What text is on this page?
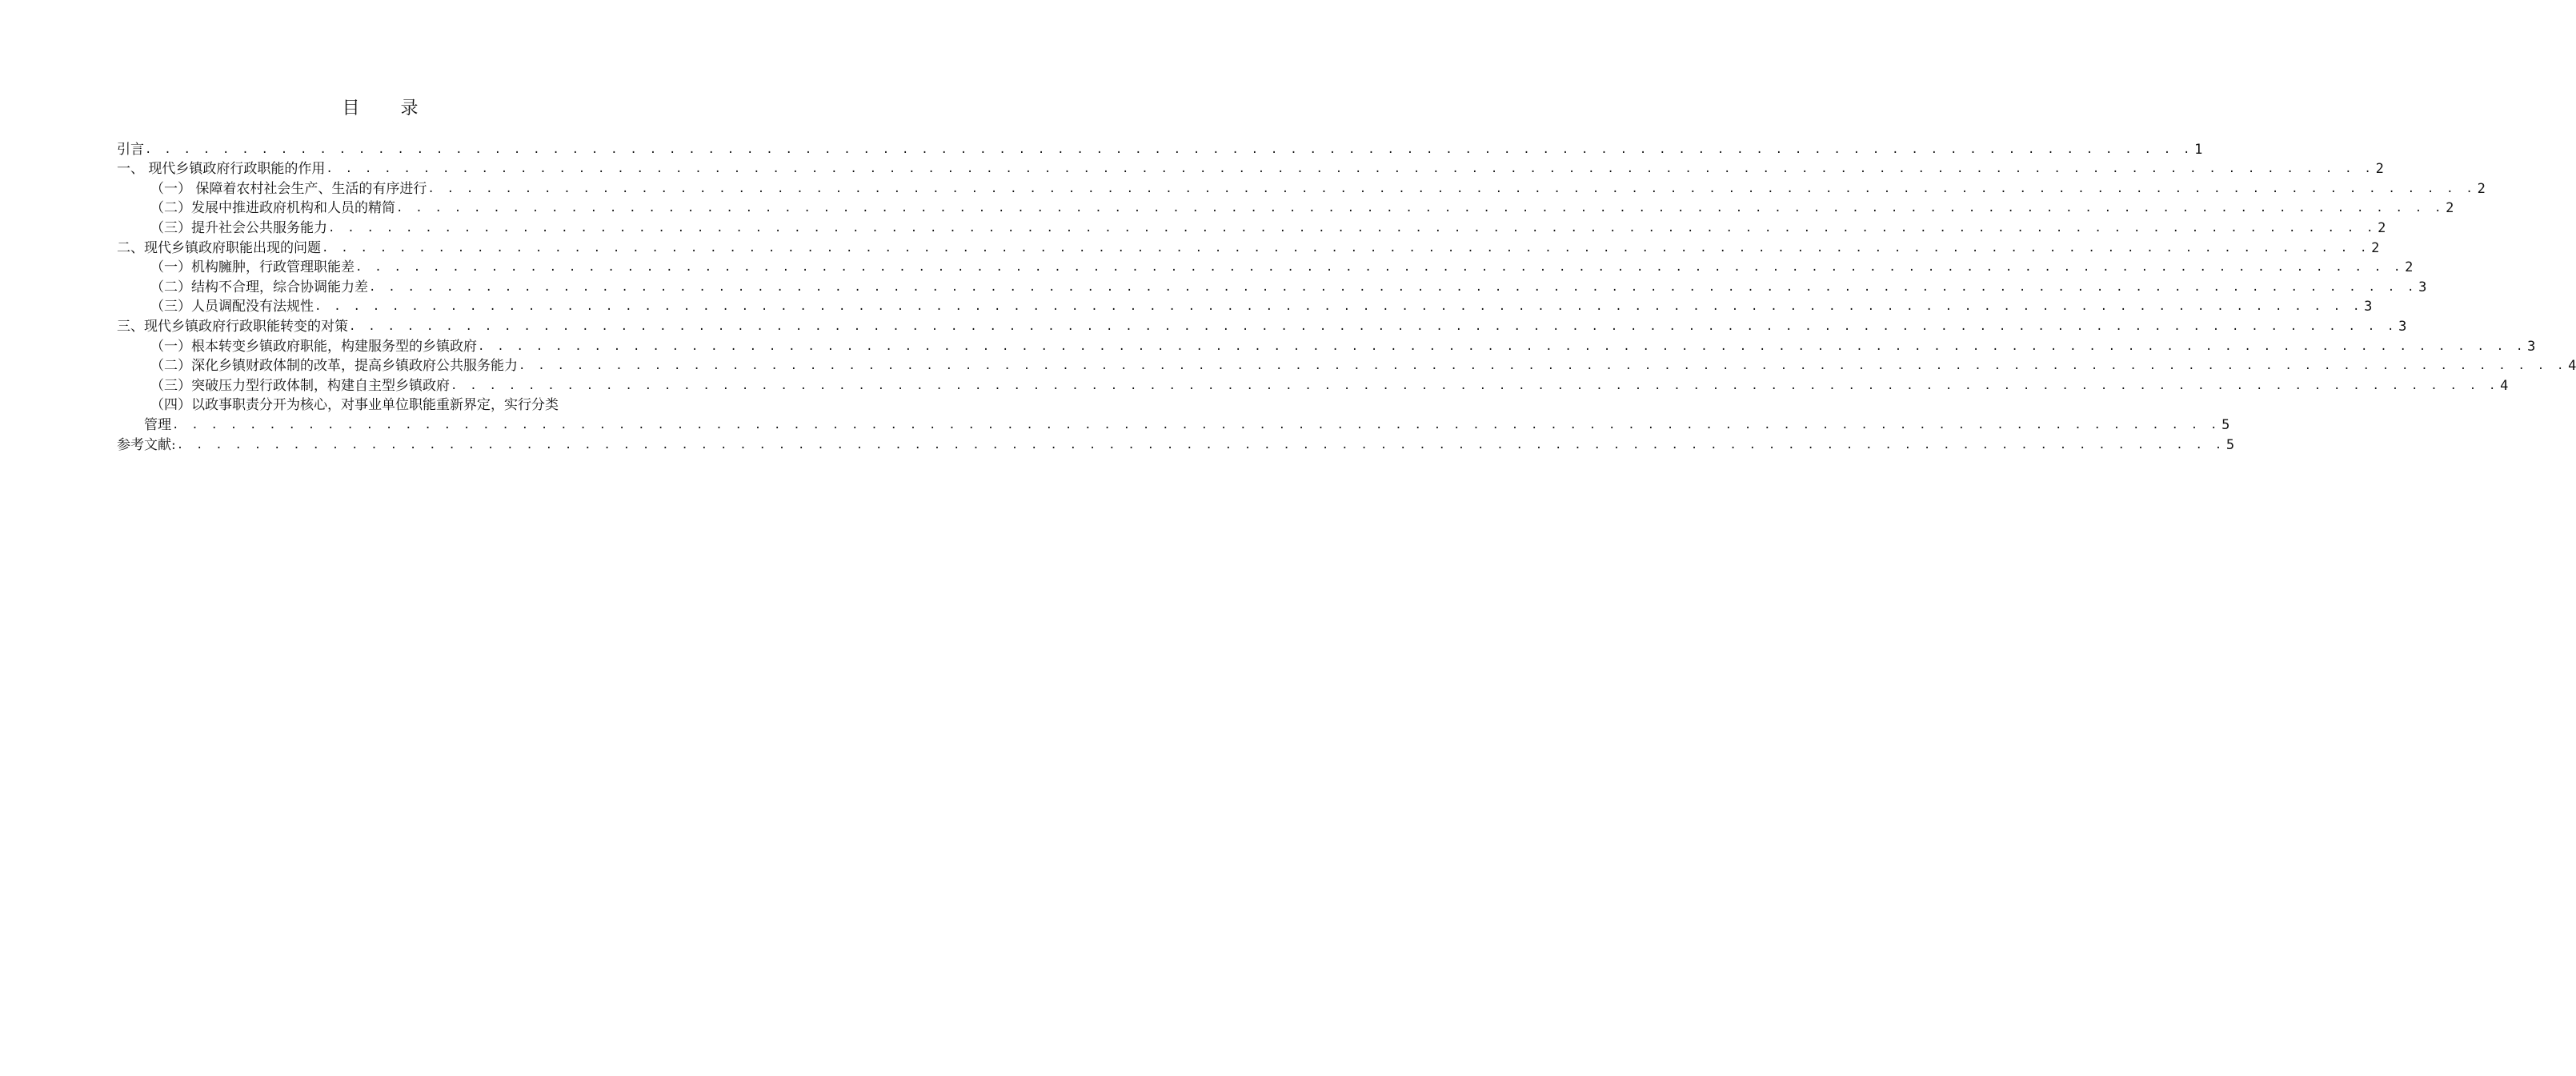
目 录
引言 . . . . . . . . . . . . . . . . . . . . . . . . . . . . . . . . . . . . . . . . . . . . . . . . . . . . . . . . . . . . . . . . . . . . . . . . . . . . . . . . . . . . . . . . . . . . . . . . . . . . . . . . . . 1
一、 现代乡镇政府行政职能的作用 . . . . . . . . . . . . . . . . . . . . . . . . . . . . . . . . . . . . . . . . . . . . . . . . . . . . . . . . . . . . . . . . . . . . . . . . . . . . . . . . . . . . . . . . . . . . . . . . . . . . . . . . . . 2
（一） 保障着农村社会生产、生活的有序进行 . . . . . . . . . . . . . . . . . . . . . . . . . . . . . . . . . . . . . . . . . . . . . . . . . . . . . . . . . . . . . . . . . . . . . . . . . . . . . . . . . . . . . . . . . . . . . . . . . . . . . . . . . . 2
（二）发展中推进政府机构和人员的精简 . . . . . . . . . . . . . . . . . . . . . . . . . . . . . . . . . . . . . . . . . . . . . . . . . . . . . . . . . . . . . . . . . . . . . . . . . . . . . . . . . . . . . . . . . . . . . . . . . . . . . . . . . . 2
（三）提升社会公共服务能力 . . . . . . . . . . . . . . . . . . . . . . . . . . . . . . . . . . . . . . . . . . . . . . . . . . . . . . . . . . . . . . . . . . . . . . . . . . . . . . . . . . . . . . . . . . . . . . . . . . . . . . . . . . 2
二、现代乡镇政府职能出现的问题 . . . . . . . . . . . . . . . . . . . . . . . . . . . . . . . . . . . . . . . . . . . . . . . . . . . . . . . . . . . . . . . . . . . . . . . . . . . . . . . . . . . . . . . . . . . . . . . . . . . . . . . . . . 2
（一）机构臃肿，行政管理职能差 . . . . . . . . . . . . . . . . . . . . . . . . . . . . . . . . . . . . . . . . . . . . . . . . . . . . . . . . . . . . . . . . . . . . . . . . . . . . . . . . . . . . . . . . . . . . . . . . . . . . . . . . . . 2
（二）结构不合理，综合协调能力差 . . . . . . . . . . . . . . . . . . . . . . . . . . . . . . . . . . . . . . . . . . . . . . . . . . . . . . . . . . . . . . . . . . . . . . . . . . . . . . . . . . . . . . . . . . . . . . . . . . . . . . . . . . 3
（三）人员调配没有法规性 . . . . . . . . . . . . . . . . . . . . . . . . . . . . . . . . . . . . . . . . . . . . . . . . . . . . . . . . . . . . . . . . . . . . . . . . . . . . . . . . . . . . . . . . . . . . . . . . . . . . . . . . . . 3
三、现代乡镇政府行政职能转变的对策 . . . . . . . . . . . . . . . . . . . . . . . . . . . . . . . . . . . . . . . . . . . . . . . . . . . . . . . . . . . . . . . . . . . . . . . . . . . . . . . . . . . . . . . . . . . . . . . . . . . . . . . . . . 3
（一）根本转变乡镇政府职能，构建服务型的乡镇政府 . . . . . . . . . . . . . . . . . . . . . . . . . . . . . . . . . . . . . . . . . . . . . . . . . . . . . . . . . . . . . . . . . . . . . . . . . . . . . . . . . . . . . . . . . . . . . . . . . . . . . . . . . . 3
（二）深化乡镇财政体制的改革，提高乡镇政府公共服务能力 . . . . . . . . . . . . . . . . . . . . . . . . . . . . . . . . . . . . . . . . . . . . . . . . . . . . . . . . . . . . . . . . . . . . . . . . . . . . . . . . . . . . . . . . . . . . . . . . . . . . . . . . . . 4
（三）突破压力型行政体制，构建自主型乡镇政府 . . . . . . . . . . . . . . . . . . . . . . . . . . . . . . . . . . . . . . . . . . . . . . . . . . . . . . . . . . . . . . . . . . . . . . . . . . . . . . . . . . . . . . . . . . . . . . . . . . . . . . . . . . 4
（四）以政事职责分开为核心，对事业单位职能重新界定，实行分类
管理 . . . . . . . . . . . . . . . . . . . . . . . . . . . . . . . . . . . . . . . . . . . . . . . . . . . . . . . . . . . . . . . . . . . . . . . . . . . . . . . . . . . . . . . . . . . . . . . . . . . . . . . . . . 5
参考文献: . . . . . . . . . . . . . . . . . . . . . . . . . . . . . . . . . . . . . . . . . . . . . . . . . . . . . . . . . . . . . . . . . . . . . . . . . . . . . . . . . . . . . . . . . . . . . . . . . . . . . . . . . . 5
